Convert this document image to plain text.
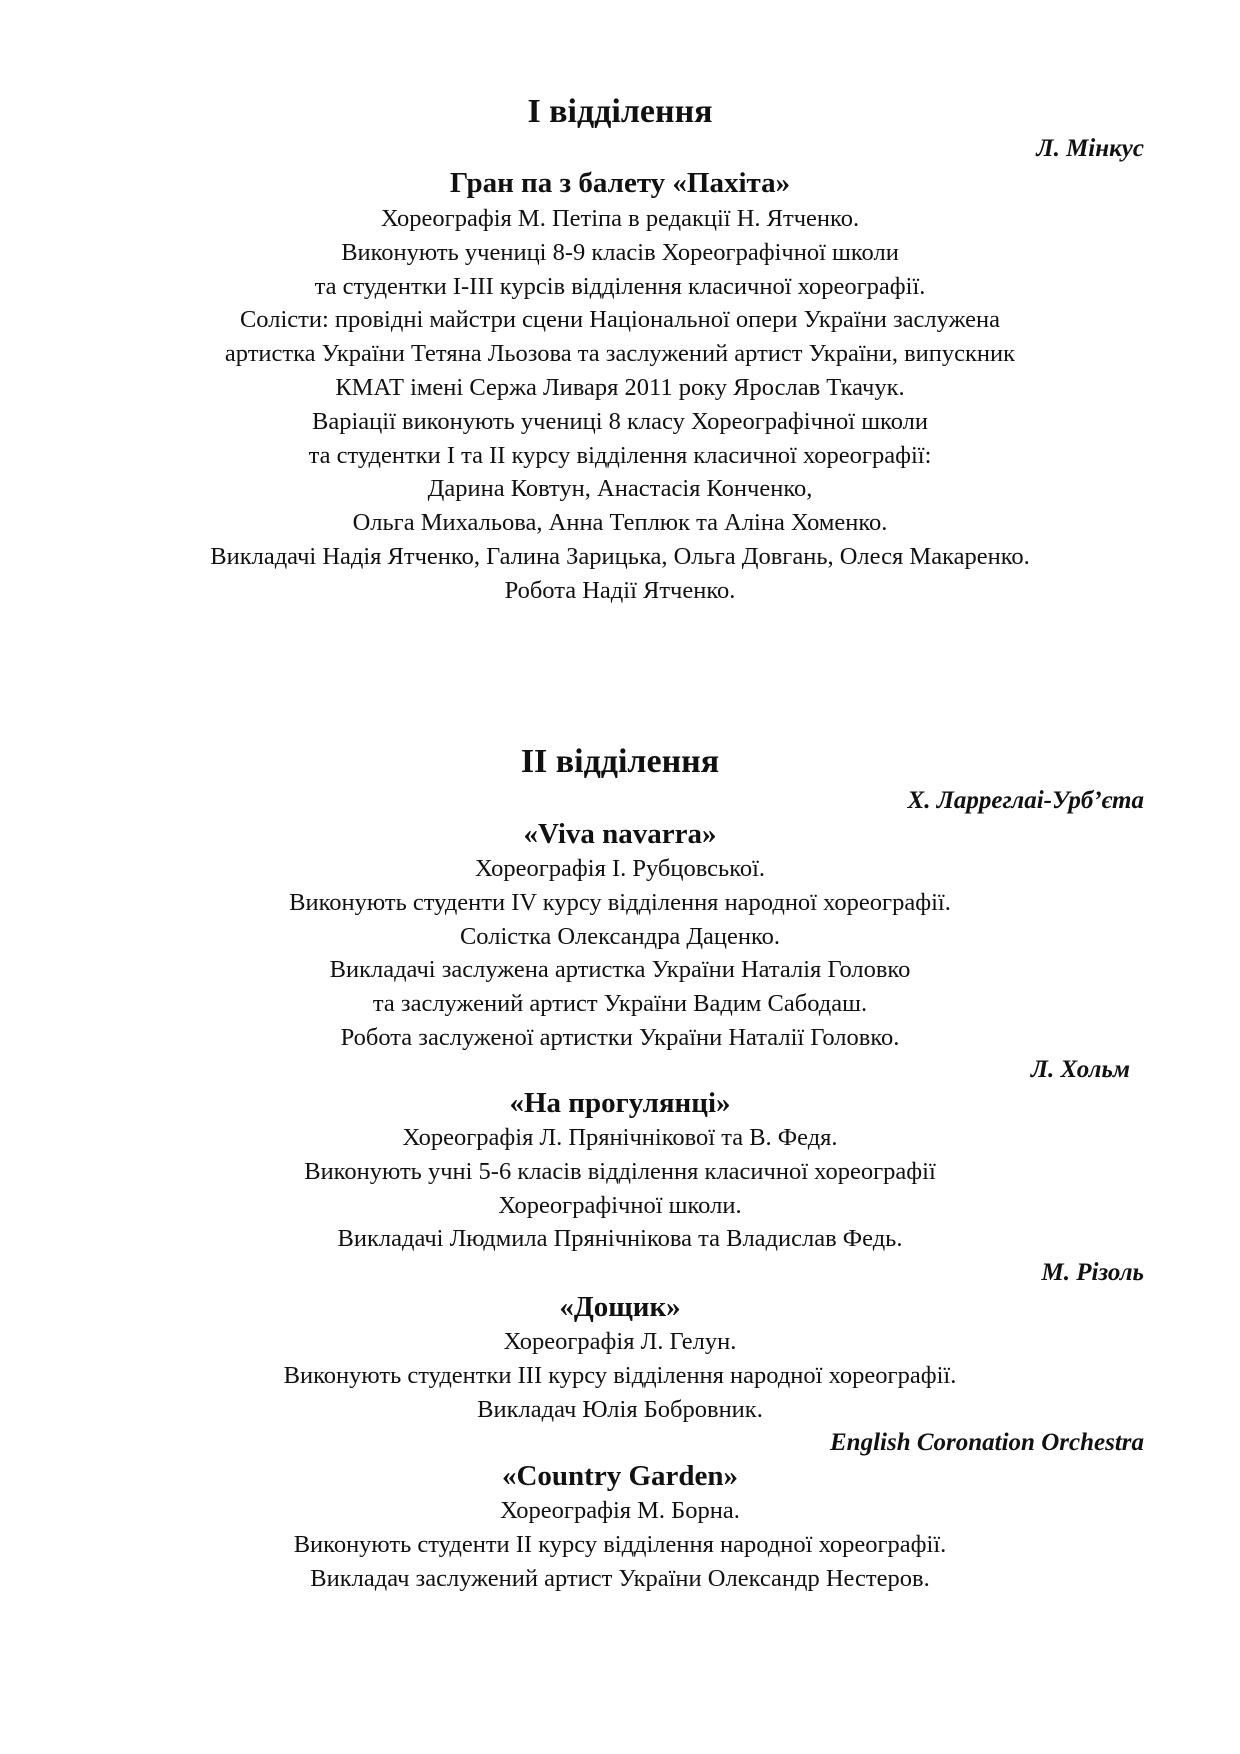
I відділення

Л. Мінкус

Гран па з балету «Пахіта»
Хореографія М. Петіпа в редакції Н. Ятченко.
Виконують учениці 8-9 класів Хореографічної школи
та студентки I-III курсів відділення класичної хореографії.
Солісти: провідні майстри сцени Національної опери України заслужена
артистка України Тетяна Льозова та заслужений артист України, випускник
КМАТ імені Сержа Ливаря 2011 року Ярослав Ткачук.
Варіації виконують учениці 8 класу Хореографічної школи
та студентки I та II курсу відділення класичної хореографії:
Дарина Ковтун, Анастасія Конченко,
Ольга Михальова, Анна Теплюк та Аліна Хоменко.
Викладачі Надія Ятченко, Галина Зарицька, Ольга Довгань, Олеся Макаренко.
Робота Надії Ятченко.
II відділення

Х. Ларреглаі-Урб’єта

«Viva navarra»
Хореографія І. Рубцовської.
Виконують студенти IV курсу відділення народної хореографії.
Солістка Олександра Даценко.
Викладачі заслужена артистка України Наталія Головко
та заслужений артист України Вадим Сабодаш.
Робота заслуженої артистки України Наталії Головко.

Л. Хольм

«На прогулянці»
Хореографія Л. Прянічнікової та В. Федя.
Виконують учні 5-6 класів відділення класичної хореографії
Хореографічної школи.
Викладачі Людмила Прянічнікова та Владислав Федь.

М. Різоль

«Дощик»
Хореографія Л. Гелун.
Виконують студентки III курсу відділення народної хореографії.
Викладач Юлія Бобровник.

English Coronation Orchestra

«Country Garden»
Хореографія М. Борна.
Виконують студенти II курсу відділення народної хореографії.
Викладач заслужений артист України Олександр Нестеров.
